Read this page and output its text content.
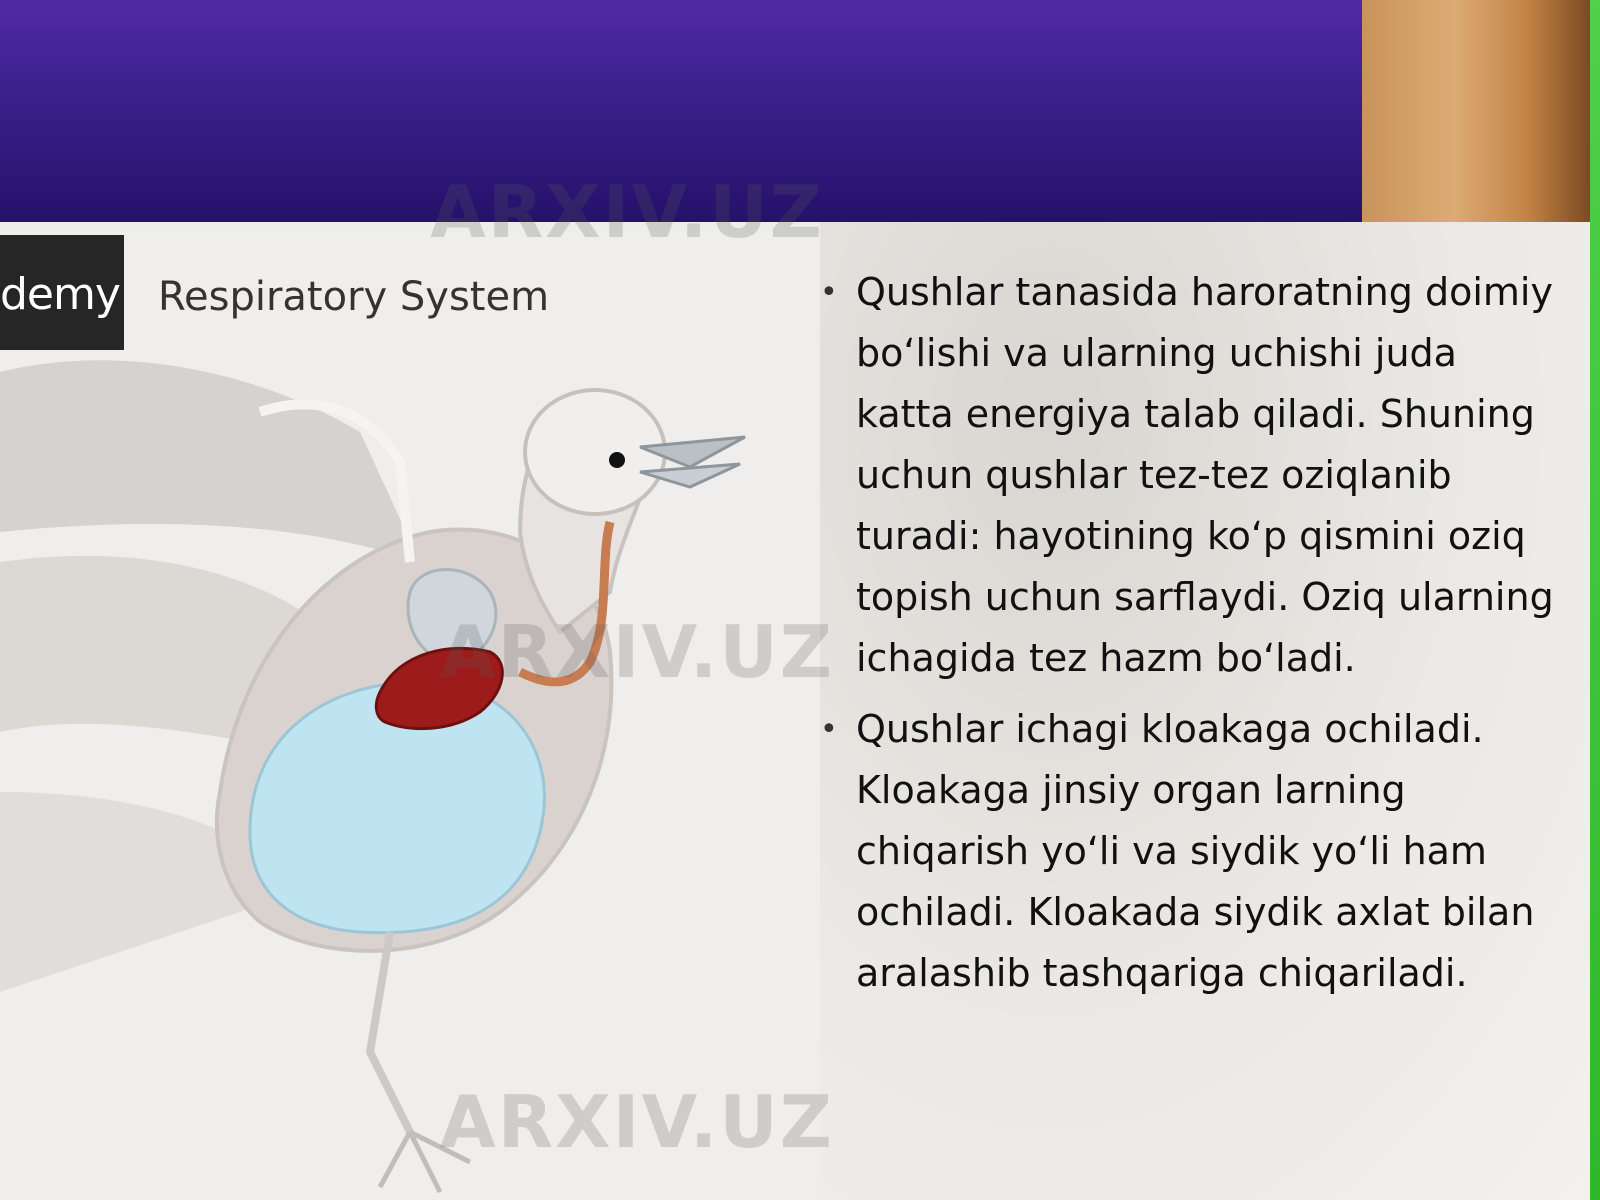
demy Respiratory System
ARXIV.UZ
ARXIV.UZ
ARXIV.UZ
• Qushlar tanasida haroratning doimiy bo‘lishi va ularning uchishi juda katta energiya talab qiladi. Shuning uchun qushlar tez-tez oziqlanib turadi: hayotining ko‘p qismini oziq topish uchun sarflaydi. Oziq ularning ichagida tez hazm bo‘ladi.
• Qushlar ichagi kloakaga ochiladi. Kloakaga jinsiy organ larning chiqarish yo‘li va siydik yo‘li ham ochiladi. Kloakada siydik axlat bilan aralashib tashqariga chiqariladi.
